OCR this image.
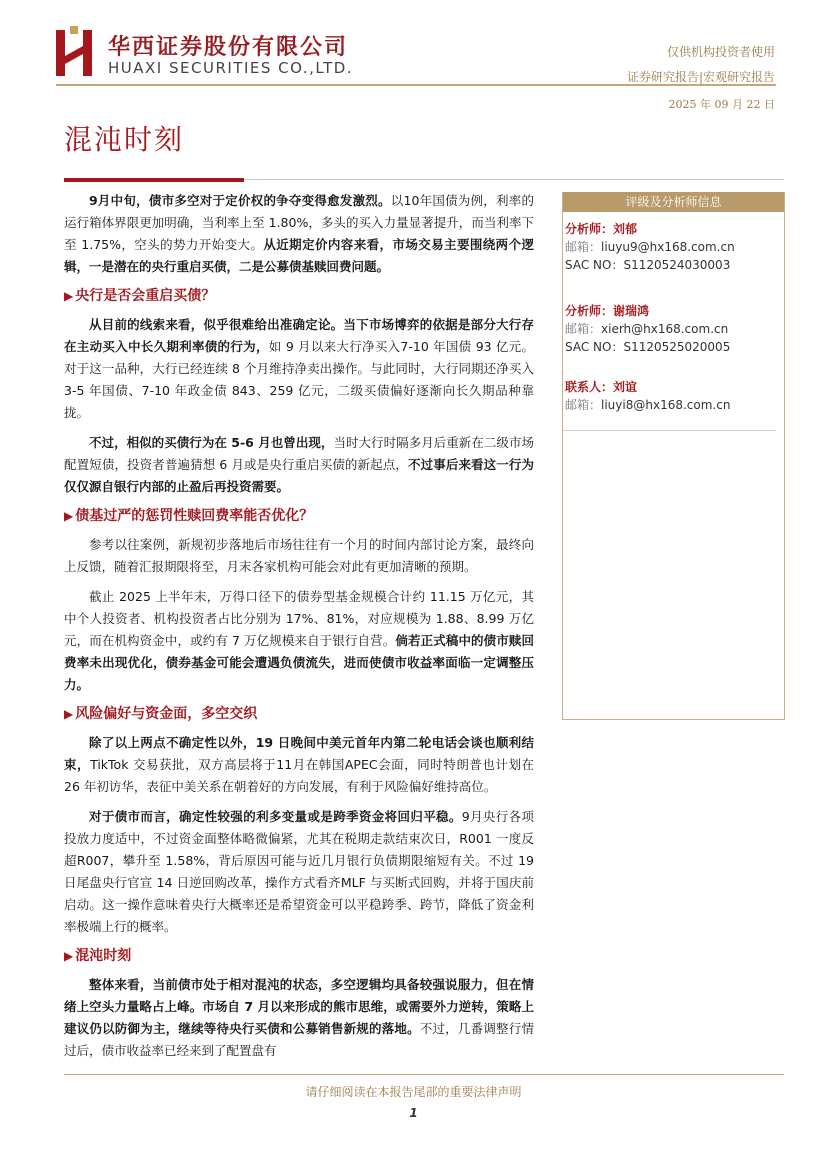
华西证券股份有限公司
HUAXI SECURITIES CO.,LTD.
仅供机构投资者使用
证券研究报告|宏观研究报告
2025 年 09 月 22 日
混沌时刻

9月中旬，债市多空对于定价权的争夺变得愈发激烈。以10年国债为例，利率的运行箱体界限更加明确，当利率上至 1.80%，多头的买入力量显著提升，而当利率下至 1.75%，空头的势力开始变大。从近期定价内容来看，市场交易主要围绕两个逻辑，一是潜在的央行重启买债，二是公募债基赎回费问题。

▶ 央行是否会重启买债？

从目前的线索来看，似乎很难给出准确定论。当下市场博弈的依据是部分大行存在主动买入中长久期利率债的行为，如 9 月以来大行净买入7-10 年国债 93 亿元。对于这一品种，大行已经连续 8 个月维持净卖出操作。与此同时，大行同期还净买入 3-5 年国债、7-10 年政金债 843、259 亿元，二级买债偏好逐渐向长久期品种靠拢。

不过，相似的买债行为在 5-6 月也曾出现，当时大行时隔多月后重新在二级市场配置短债，投资者普遍猜想 6 月或是央行重启买债的新起点，不过事后来看这一行为仅仅源自银行内部的止盈后再投资需要。

▶ 债基过严的惩罚性赎回费率能否优化？

参考以往案例，新规初步落地后市场往往有一个月的时间内部讨论方案，最终向上反馈，随着汇报期限将至，月末各家机构可能会对此有更加清晰的预期。

截止 2025 上半年末，万得口径下的债券型基金规模合计约 11.15 万亿元，其中个人投资者、机构投资者占比分别为 17%、81%，对应规模为 1.88、8.99 万亿元，而在机构资金中，或约有 7 万亿规模来自于银行自营。倘若正式稿中的债市赎回费率未出现优化，债券基金可能会遭遇负债流失，进而使债市收益率面临一定调整压力。

▶ 风险偏好与资金面，多空交织

除了以上两点不确定性以外，19 日晚间中美元首年内第二轮电话会谈也顺利结束，TikTok 交易获批，双方高层将于11月在韩国APEC会面，同时特朗普也计划在 26 年初访华，表征中美关系在朝着好的方向发展，有利于风险偏好维持高位。

对于债市而言，确定性较强的利多变量或是跨季资金将回归平稳。9月央行各项投放力度适中，不过资金面整体略微偏紧，尤其在税期走款结束次日，R001 一度反超R007，攀升至 1.58%，背后原因可能与近几月银行负债期限缩短有关。不过 19 日尾盘央行官宣 14 日逆回购改革，操作方式看齐MLF 与买断式回购，并将于国庆前启动。这一操作意味着央行大概率还是希望资金可以平稳跨季、跨节，降低了资金利率极端上行的概率。

▶ 混沌时刻

整体来看，当前债市处于相对混沌的状态，多空逻辑均具备较强说服力，但在情绪上空头力量略占上峰。市场自 7 月以来形成的熊市思维，或需要外力逆转，策略上建议仍以防御为主，继续等待央行买债和公募销售新规的落地。不过，几番调整行情过后，债市收益率已经来到了配置盘有

评级及分析师信息
分析师：刘郁
邮箱：liuyu9@hx168.com.cn
SAC NO：S1120524030003
分析师：谢瑞鸿
邮箱：xierh@hx168.com.cn
SAC NO：S1120525020005
联系人：刘谊
邮箱：liuyi8@hx168.com.cn
请仔细阅读在本报告尾部的重要法律声明
1
